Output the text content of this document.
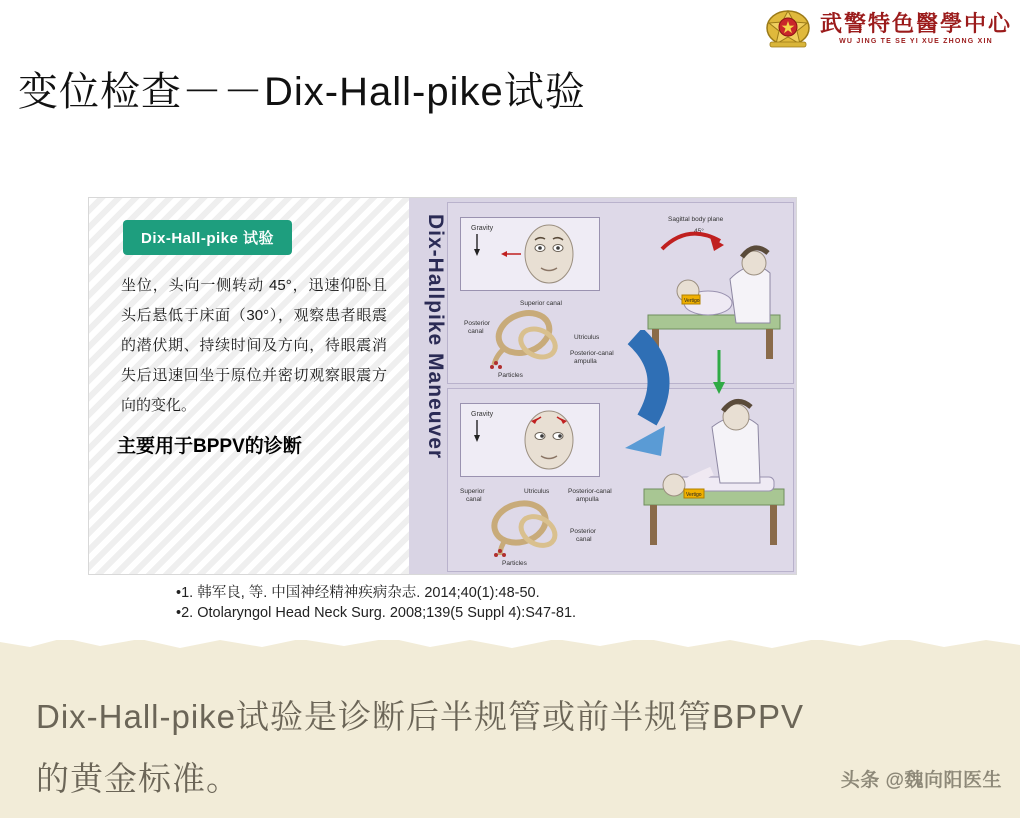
武警特色醫學中心
WU JING TE SE YI XUE ZHONG XIN
变位检查－－Dix-Hall-pike试验
Dix-Hall-pike 试验
坐位，头向一侧转动 45°，迅速仰卧且头后悬低于床面（30°），观察患者眼震的潜伏期、持续时间及方向，待眼震消失后迅速回坐于原位并密切观察眼震方向的变化。
主要用于BPPV的诊断	Dix-Hallpike Maneuver	Gravity
Superior canal
Posterior
canal
Utriculus
Posterior-canal
ampulla
Particles
Sagittal body plane
45°
Vertigo
Gravity
Superior
canal
Utriculus	Posterior-canal
ampulla
Posterior
canal
Particles
Vertigo
•1. 韩军良, 等. 中国神经精神疾病杂志. 2014;40(1):48-50.
•2. Otolaryngol Head Neck Surg. 2008;139(5 Suppl 4):S47-81.
Dix-Hall-pike试验是诊断后半规管或前半规管BPPV
的黄金标准。	头条 @魏向阳医生
